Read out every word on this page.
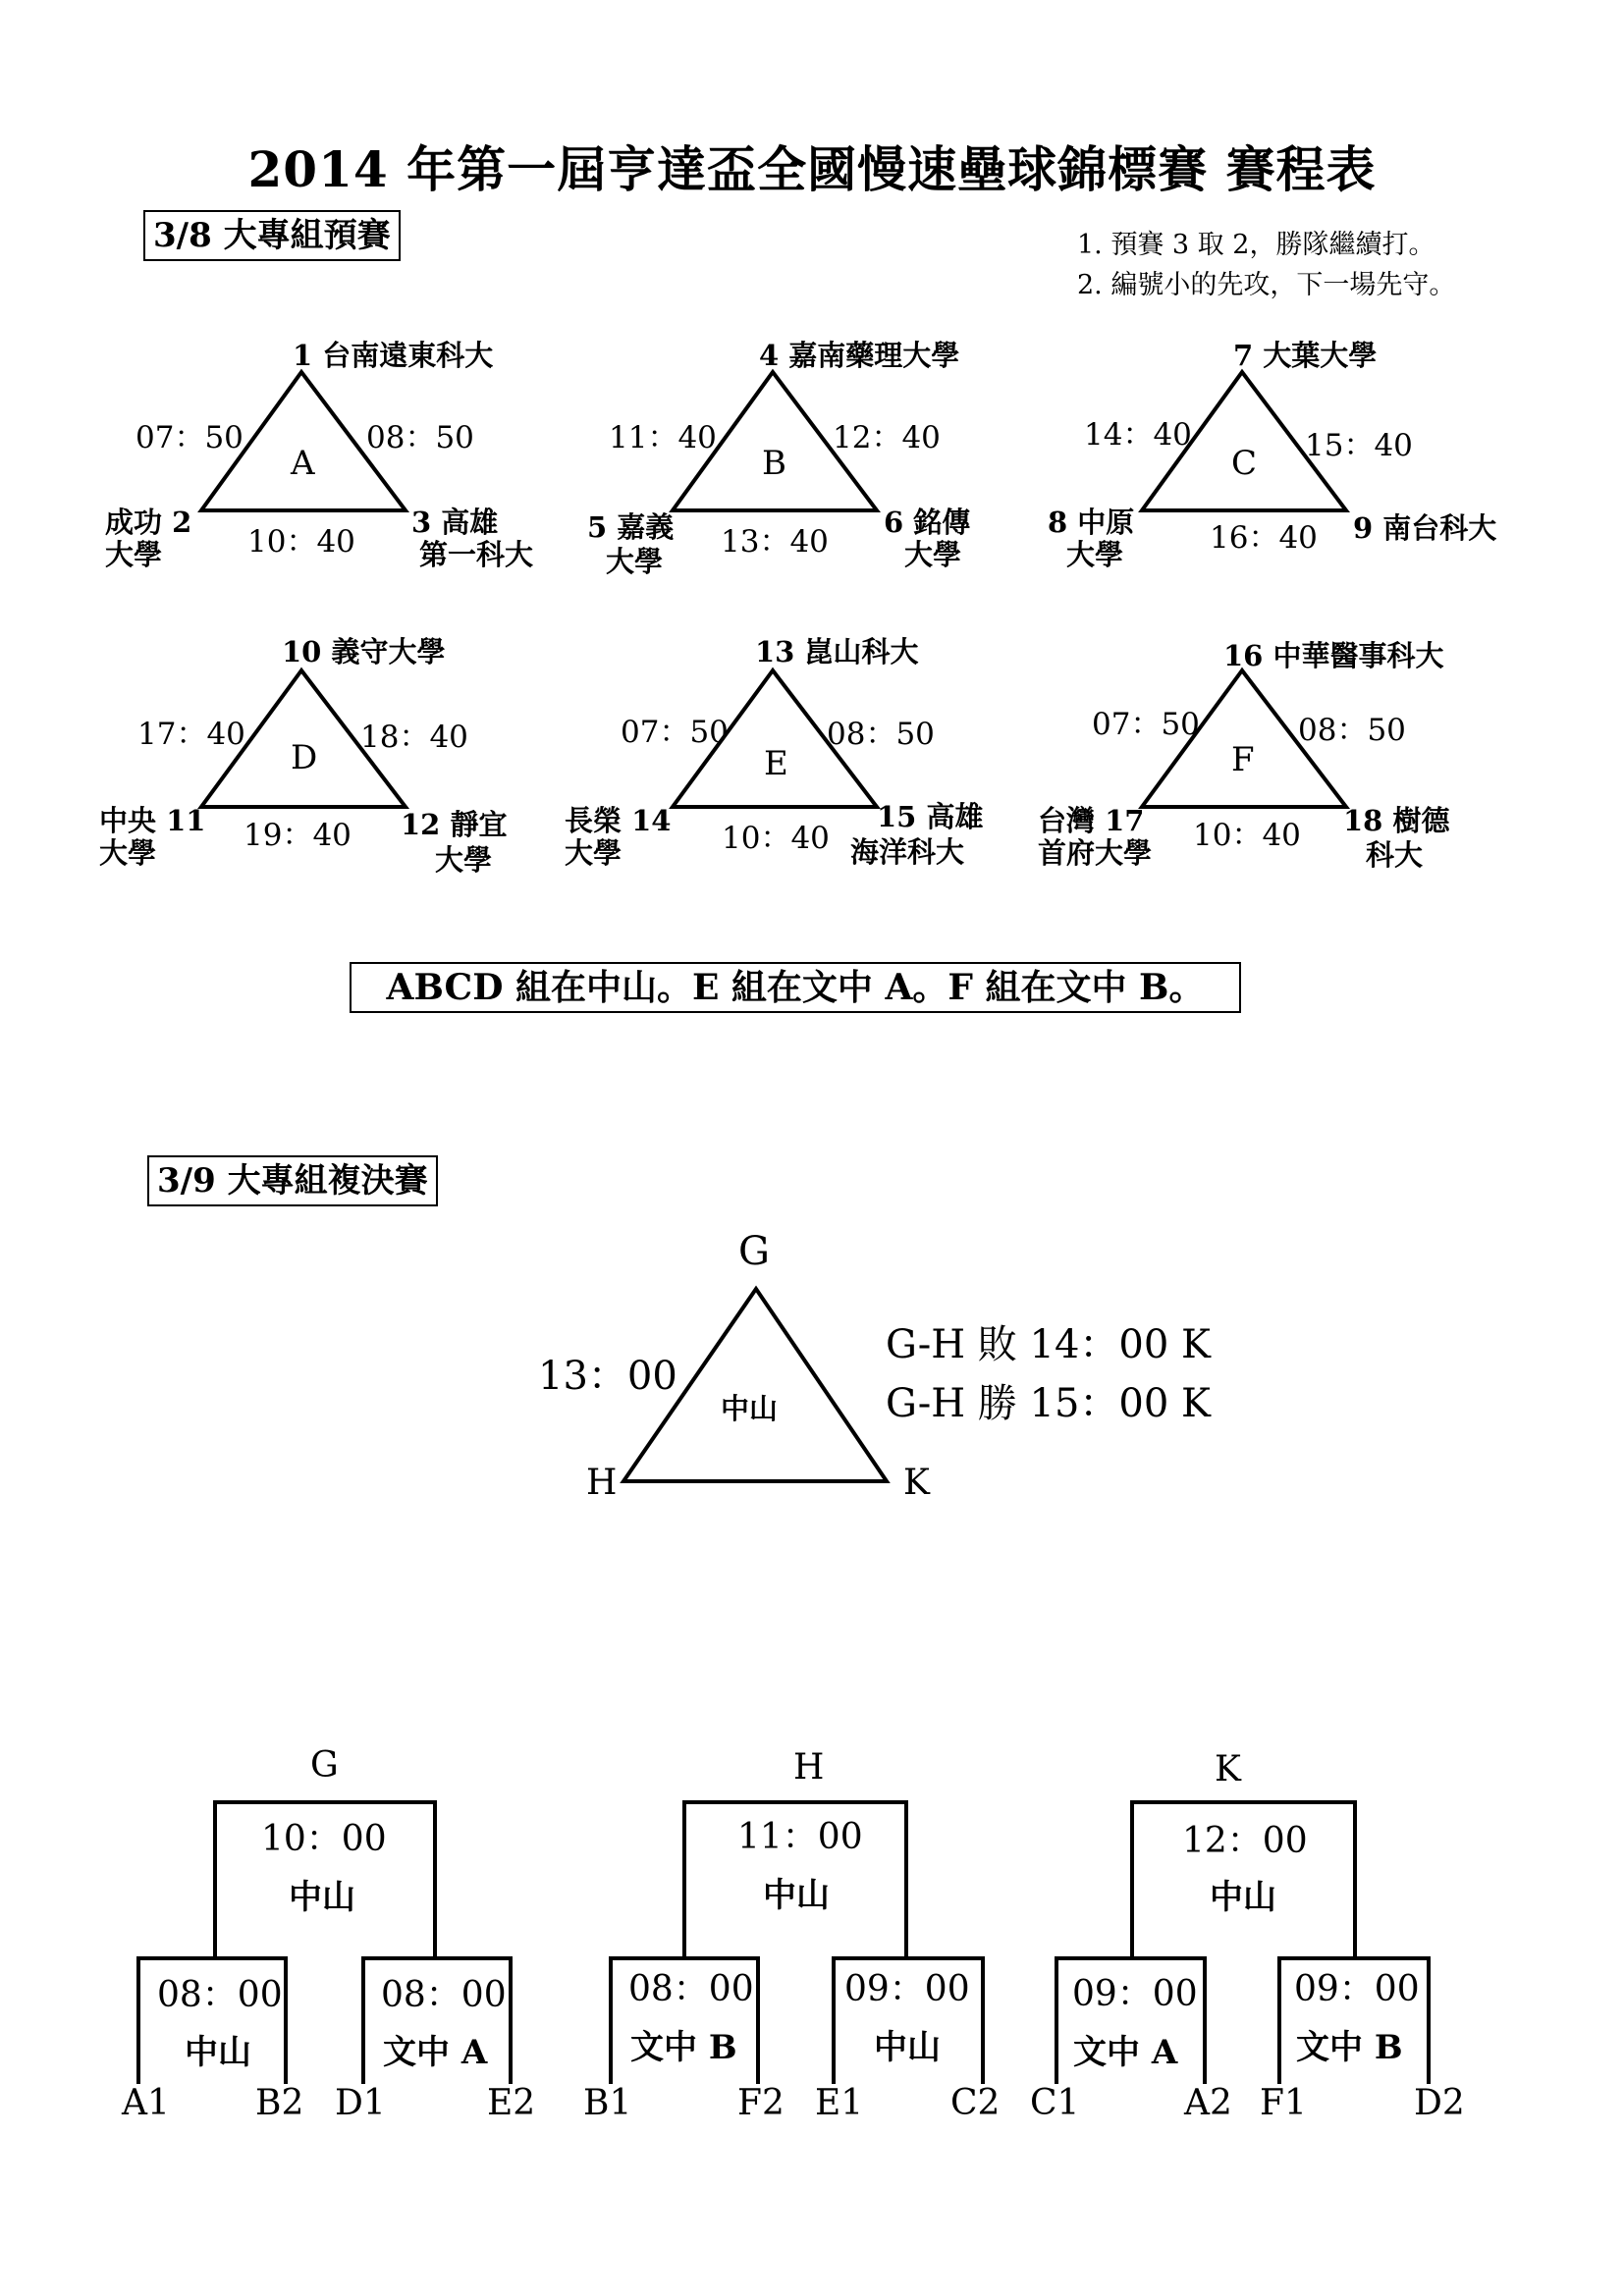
2014 年第一屆亨達盃全國慢速壘球錦標賽 賽程表
3/8 大專組預賽	1. 預賽 3 取 2，勝隊繼續打。
2. 編號小的先攻，下一場先守。
1 台南遠東科大
07：50	08：50
A
成功 2
大學	10：40
3 高雄
第一科大
4 嘉南藥理大學
11：40	12：40
B
5 嘉義
大學
13：40
6 銘傳
大學
7 大葉大學
14：40	15：40
C
8 中原
大學	16：40 9 南台科大
10 義守大學
17：40	18：40
D
中央 11
大學	19：40 12 靜宜
大學
13 崑山科大
07：50	08：50
E
長榮 14
大學	10：40
15 高雄
海洋科大
16 中華醫事科大
07：50	08：50
F
台灣 17
首府大學 10：40 18 樹德
科大
ABCD 組在中山。E 組在文中 A。F 組在文中 B。
3/9 大專組複決賽
G
13：00
中山
G-H 敗 14：00 K
G-H 勝 15：00 K
H	K
G
10：00
中山
08：00
中山
A1 B2
08：00
文中 A
D1	E2
H
11：00
中山
08：00
文中 B
B1	F2
09：00
中山
E1 C2
K
12：00
中山
09：00
文中 A
C1	A2
09：00
文中 B
F1	D2
